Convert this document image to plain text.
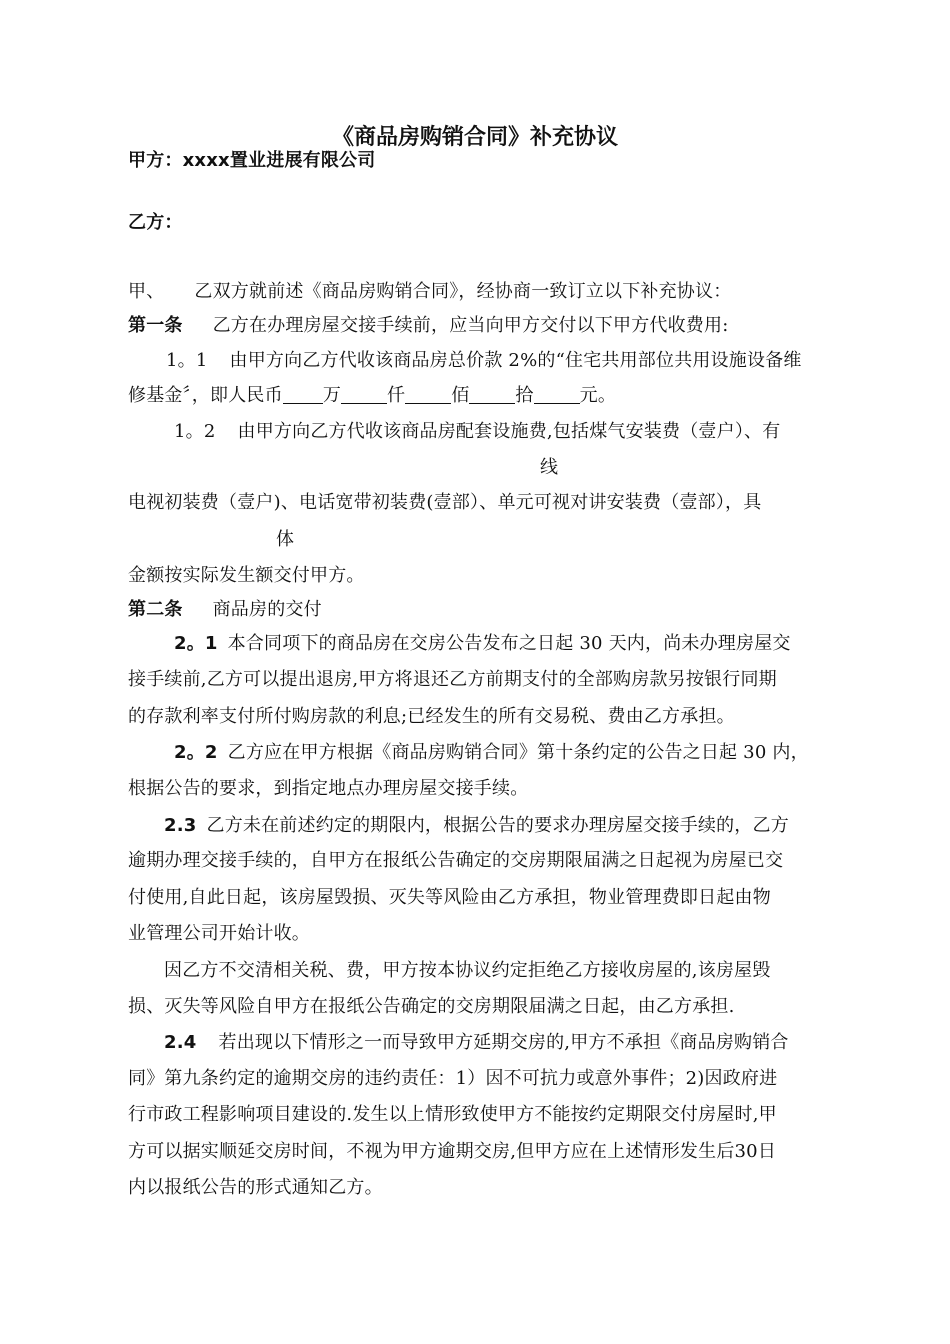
《商品房购销合同》补充协议
甲方：xxxx置业进展有限公司
乙方：
甲、 乙双方就前述《商品房购销合同》，经协商一致订立以下补充协议：
第一条 乙方在办理房屋交接手续前，应当向甲方交付以下甲方代收费用:
1。1 由甲方向乙方代收该商品房总价款 2%的“住宅共用部位共用设施设备维
修基金〞，即人民币 万	仟	佰	拾	元。
1。2 由甲方向乙方代收该商品房配套设施费,包括煤气安装费（壹户）、有
线
电视初装费（壹户)、电话宽带初装费(壹部）、单元可视对讲安装费（壹部），具
体
金额按实际发生额交付甲方。
第二条 商品房的交付
2。1 本合同项下的商品房在交房公告发布之日起 30 天内，尚未办理房屋交
接手续前,乙方可以提出退房,甲方将退还乙方前期支付的全部购房款另按银行同期
的存款利率支付所付购房款的利息;已经发生的所有交易税、费由乙方承担。
2。2 乙方应在甲方根据《商品房购销合同》第十条约定的公告之日起 30 内，
根据公告的要求，到指定地点办理房屋交接手续。
2.3 乙方未在前述约定的期限内，根据公告的要求办理房屋交接手续的，乙方
逾期办理交接手续的，自甲方在报纸公告确定的交房期限届满之日起视为房屋已交
付使用,自此日起，该房屋毁损、灭失等风险由乙方承担，物业管理费即日起由物
业管理公司开始计收。
因乙方不交清相关税、费，甲方按本协议约定拒绝乙方接收房屋的,该房屋毁
损、灭失等风险自甲方在报纸公告确定的交房期限届满之日起，由乙方承担.
2.4 若出现以下情形之一而导致甲方延期交房的,甲方不承担《商品房购销合
同》第九条约定的逾期交房的违约责任：1）因不可抗力或意外事件；2)因政府进
行市政工程影响项目建设的.发生以上情形致使甲方不能按约定期限交付房屋时,甲
方可以据实顺延交房时间，不视为甲方逾期交房,但甲方应在上述情形发生后30日
内以报纸公告的形式通知乙方。
